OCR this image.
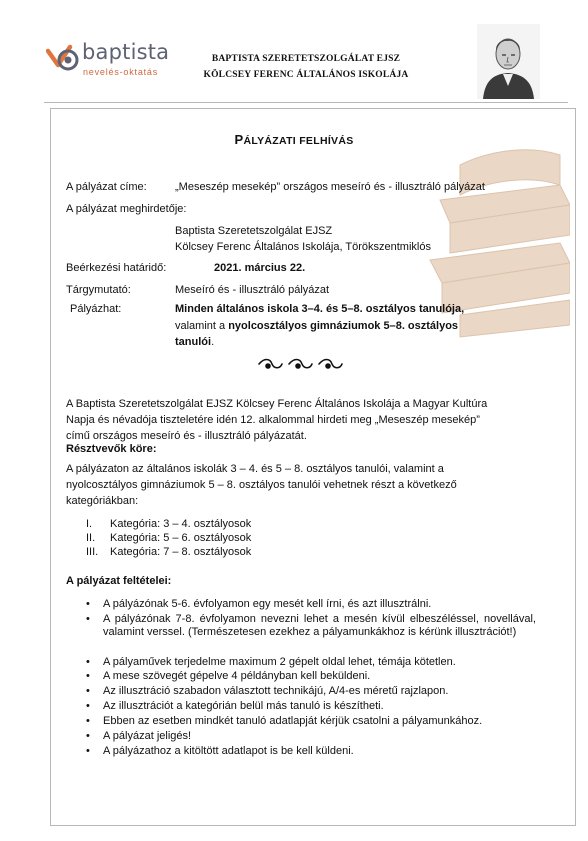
baptista
nevelés-oktatás
BAPTISTA SZERETETSZOLGÁLAT EJSZ
KÖLCSEY FERENC ÁLTALÁNOS ISKOLÁJA
PÁLYÁZATI FELHÍVÁS
A pályázat címe:	„Meseszép mesekép” országos meseíró és - illusztráló pályázat
A pályázat meghirdetője:
Baptista Szeretetszolgálat EJSZ
Kölcsey Ferenc Általános Iskolája, Törökszentmiklós
Beérkezési határidő:	2021. március 22.
Tárgymutató:	Meseíró és - illusztráló pályázat
Pályázhat:	Minden általános iskola 3–4. és 5–8. osztályos tanulója,
valamint a nyolcosztályos gimnáziumok 5–8. osztályos
tanulói.
A Baptista Szeretetszolgálat EJSZ Kölcsey Ferenc Általános Iskolája a Magyar Kultúra
Napja és névadója tiszteletére idén 12. alkalommal hirdeti meg „Meseszép mesekép”
című országos meseíró és - illusztráló pályázatát.
Résztvevők köre:
A pályázaton az általános iskolák 3 – 4. és 5 – 8. osztályos tanulói, valamint a
nyolcosztályos gimnáziumok 5 – 8. osztályos tanulói vehetnek részt a következő
kategóriákban:
I. Kategória: 3 – 4. osztályosok
II. Kategória: 5 – 6. osztályosok
III. Kategória: 7 – 8. osztályosok
A pályázat feltételei:
• A pályázónak 5-6. évfolyamon egy mesét kell írni, és azt illusztrálni.
• A pályázónak 7-8. évfolyamon nevezni lehet a mesén kívül elbeszéléssel, novellával, valamint verssel. (Természetesen ezekhez a pályamunkákhoz is kérünk illusztrációt!)
• A pályaművek terjedelme maximum 2 gépelt oldal lehet, témája kötetlen.
• A mese szövegét gépelve 4 példányban kell beküldeni.
• Az illusztráció szabadon választott technikájú, A/4-es méretű rajzlapon.
• Az illusztrációt a kategórián belül más tanuló is készítheti.
• Ebben az esetben mindkét tanuló adatlapját kérjük csatolni a pályamunkához.
• A pályázat jeligés!
• A pályázathoz a kitöltött adatlapot is be kell küldeni.
